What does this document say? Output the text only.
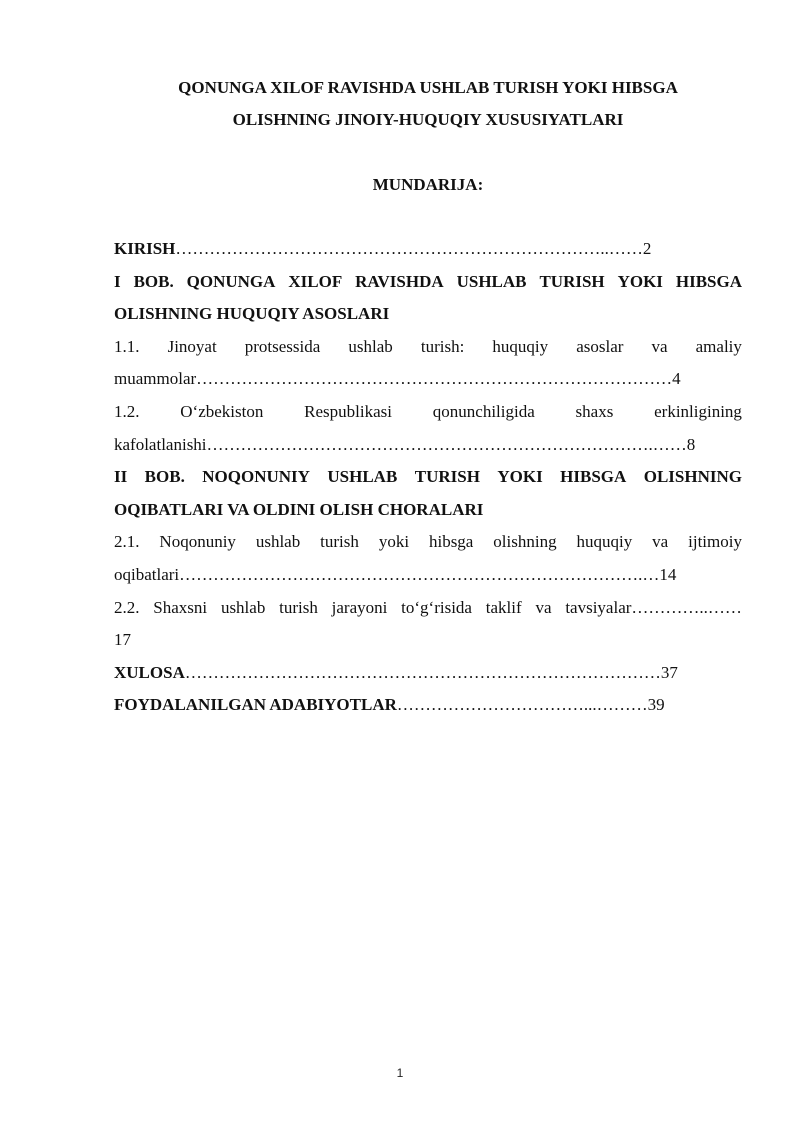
QONUNGA XILOF RAVISHDA USHLAB TURISH YOKI HIBSGA
OLISHNING JINOIY-HUQUQIY XUSUSIYATLARI
MUNDARIJA:
KIRISH…………………………………………………………………..……2
I BOB. QONUNGA XILOF RAVISHDA USHLAB TURISH YOKI HIBSGA
OLISHNING HUQUQIY ASOSLARI
1.1. Jinoyat protsessida ushlab turish: huquqiy asoslar va amaliy
muammolar…………………………………………………………………………4
1.2. O‘zbekiston Respublikasi qonunchiligida shaxs erkinligining
kafolatlanishi…………………………………………………………………….……8
II BOB. NOQONUNIY USHLAB TURISH YOKI HIBSGA OLISHNING
OQIBATLARI VA OLDINI OLISH CHORALARI
2.1. Noqonuniy ushlab turish yoki hibsga olishning huquqiy va ijtimoiy
oqibatlari……………………………………………………………………….…14
2.2. Shaxsni ushlab turish jarayoni to‘g‘risida taklif va tavsiyalar…………..……
17
XULOSA…………………………………………………………………………37
FOYDALANILGAN ADABIYOTLAR……………………………...………39
1
